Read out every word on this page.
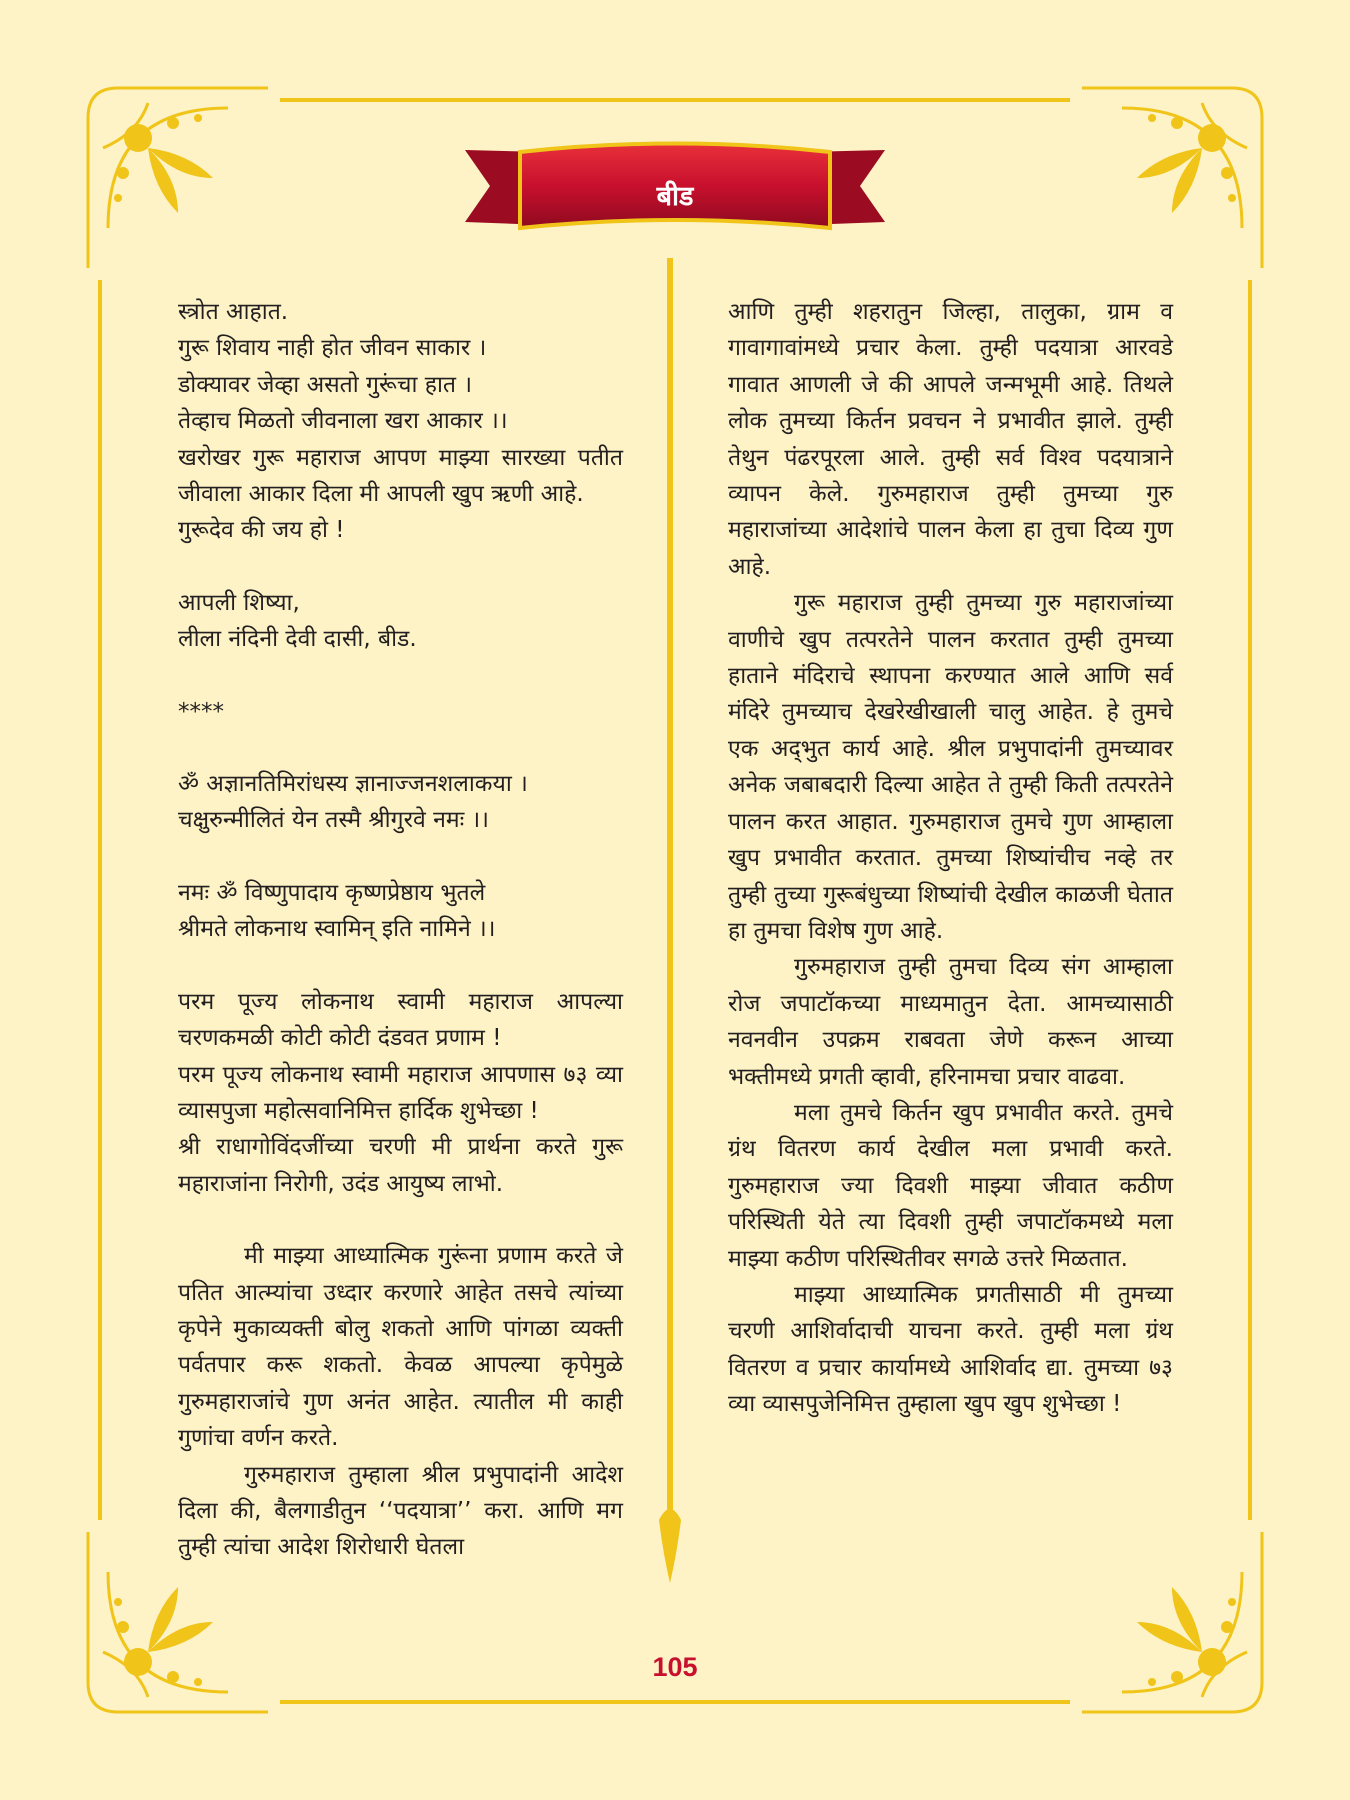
बीड

स्त्रोत आहात.

गुरू शिवाय नाही होत जीवन साकार ।

डोक्यावर जेव्हा असतो गुरूंचा हात ।

तेव्हाच मिळतो जीवनाला खरा आकार ।।

खरोखर गुरू महाराज आपण माझ्या सारख्या पतीत जीवाला आकार दिला मी आपली खुप ऋणी आहे.

गुरूदेव की जय हो !

आपली शिष्या,

लीला नंदिनी देवी दासी, बीड.

****

ॐ अज्ञानतिमिरांधस्य ज्ञानाज्जनशलाकया ।

चक्षुरुन्मीलितं येन तस्मै श्रीगुरवे नमः ।।

नमः ॐ विष्णुपादाय कृष्णप्रेष्ठाय भुतले

श्रीमते लोकनाथ स्वामिन् इति नामिने ।।

परम पूज्य लोकनाथ स्वामी महाराज आपल्या चरणकमळी कोटी कोटी दंडवत प्रणाम !

परम पूज्य लोकनाथ स्वामी महाराज आपणास ७३ व्या व्यासपुजा महोत्सवानिमित्त हार्दिक शुभेच्छा !

श्री राधागोविंदजींच्या चरणी मी प्रार्थना करते गुरू महाराजांना निरोगी, उदंड आयुष्य लाभो.

मी माझ्या आध्यात्मिक गुरूंना प्रणाम करते जे पतित आत्म्यांचा उध्दार करणारे आहेत तसचे त्यांच्या कृपेने मुकाव्यक्ती बोलु शकतो आणि पांगळा व्यक्ती पर्वतपार करू शकतो. केवळ आपल्या कृपेमुळे गुरुमहाराजांचे गुण अनंत आहेत. त्यातील मी काही गुणांचा वर्णन करते.

गुरुमहाराज तुम्हाला श्रील प्रभुपादांनी आदेश दिला की, बैलगाडीतुन ‘‘पदयात्रा’’ करा. आणि मग तुम्ही त्यांचा आदेश शिरोधारी घेतला

आणि तुम्ही शहरातुन जिल्हा, तालुका, ग्राम व गावागावांमध्ये प्रचार केला. तुम्ही पदयात्रा आरवडे गावात आणली जे की आपले जन्मभूमी आहे. तिथले लोक तुमच्या किर्तन प्रवचन ने प्रभावीत झाले. तुम्ही तेथुन पंढरपूरला आले. तुम्ही सर्व विश्व पदयात्राने व्यापन केले. गुरुमहाराज तुम्ही तुमच्या गुरु महाराजांच्या आदेशांचे पालन केला हा तुचा दिव्य गुण आहे.

गुरू महाराज तुम्ही तुमच्या गुरु महाराजांच्या वाणीचे खुप तत्परतेने पालन करतात तुम्ही तुमच्या हाताने मंदिराचे स्थापना करण्यात आले आणि सर्व मंदिरे तुमच्याच देखरेखीखाली चालु आहेत. हे तुमचे एक अद्‌भुत कार्य आहे. श्रील प्रभुपादांनी तुमच्यावर अनेक जबाबदारी दिल्या आहेत ते तुम्ही किती तत्परतेने पालन करत आहात. गुरुमहाराज तुमचे गुण आम्हाला खुप प्रभावीत करतात. तुमच्या शिष्यांचीच नव्हे तर तुम्ही तुच्या गुरूबंधुच्या शिष्यांची देखील काळजी घेतात हा तुमचा विशेष गुण आहे.

गुरुमहाराज तुम्ही तुमचा दिव्य संग आम्हाला रोज जपाटॉकच्या माध्यमातुन देता. आमच्यासाठी नवनवीन उपक्रम राबवता जेणे करून आच्या भक्तीमध्ये प्रगती व्हावी, हरिनामचा प्रचार वाढवा.

मला तुमचे किर्तन खुप प्रभावीत करते. तुमचे ग्रंथ वितरण कार्य देखील मला प्रभावी करते. गुरुमहाराज ज्या दिवशी माझ्या जीवात कठीण परिस्थिती येते त्या दिवशी तुम्ही जपाटॉकमध्ये मला माझ्या कठीण परिस्थितीवर सगळे उत्तरे मिळतात.

माझ्या आध्यात्मिक प्रगतीसाठी मी तुमच्या चरणी आशिर्वादाची याचना करते. तुम्ही मला ग्रंथ वितरण व प्रचार कार्यामध्ये आशिर्वाद द्या. तुमच्या ७३ व्या व्यासपुजेनिमित्त तुम्हाला खुप खुप शुभेच्छा !

105
